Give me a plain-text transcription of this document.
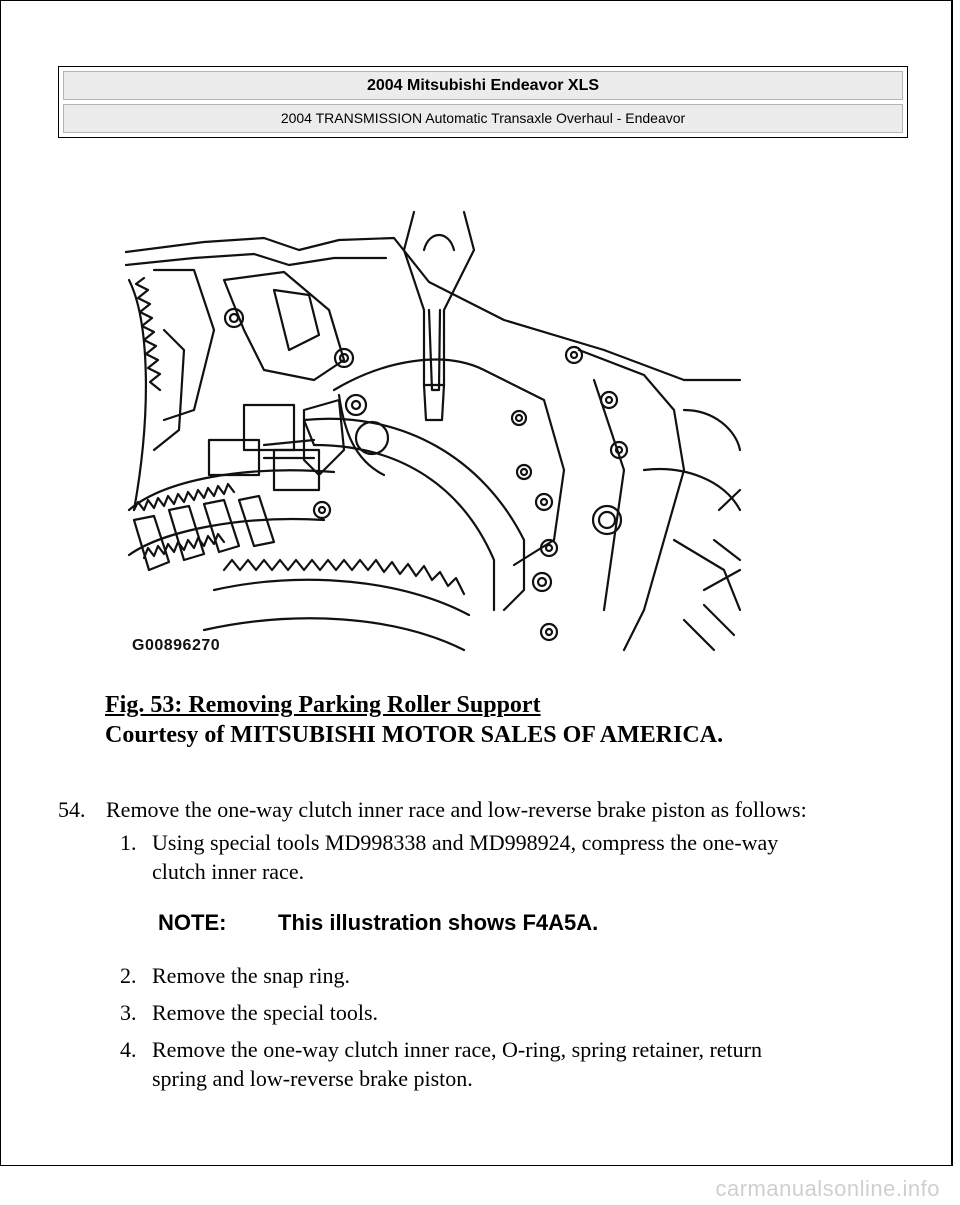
2004 Mitsubishi Endeavor XLS
2004 TRANSMISSION Automatic Transaxle Overhaul - Endeavor
G00896270
Fig. 53: Removing Parking Roller Support
Courtesy of MITSUBISHI MOTOR SALES OF AMERICA.
54. Remove the one-way clutch inner race and low-reverse brake piston as follows:
1. Using special tools MD998338 and MD998924, compress the one-way
clutch inner race.
NOTE: This illustration shows F4A5A.
2. Remove the snap ring.
3. Remove the special tools.
4. Remove the one-way clutch inner race, O-ring, spring retainer, return
spring and low-reverse brake piston.
carmanualsonline.info
